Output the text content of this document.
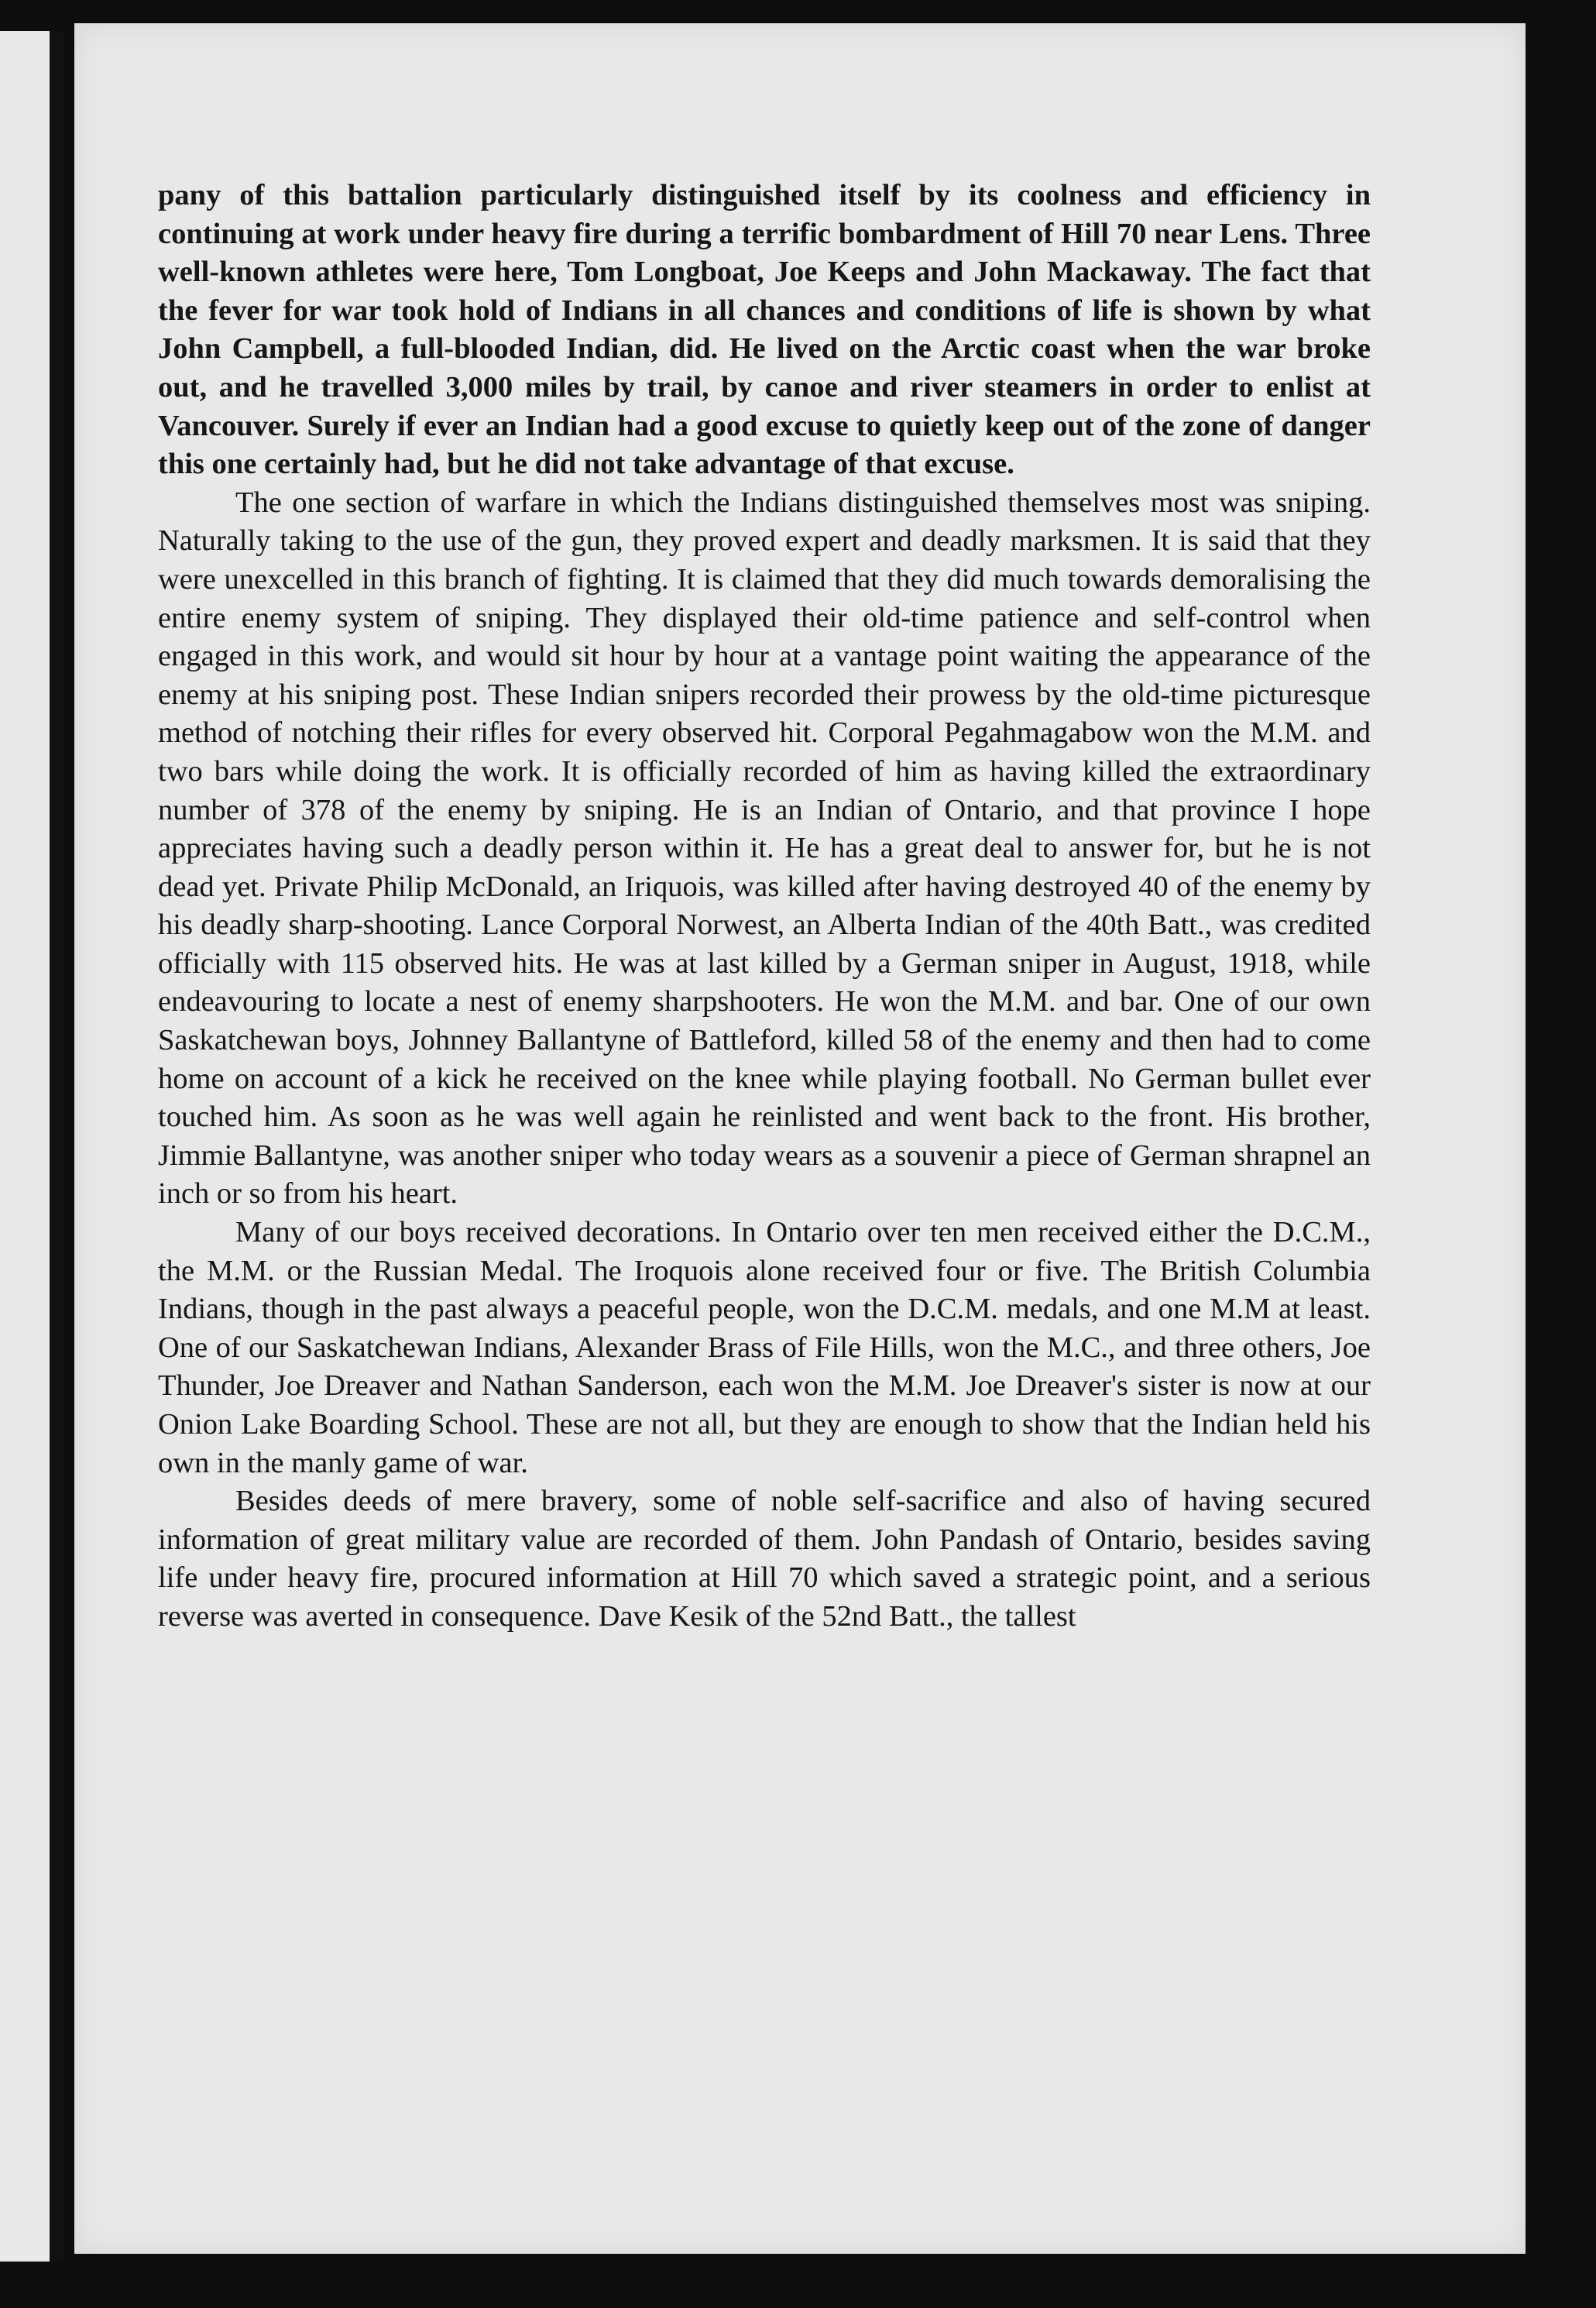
pany of this battalion particularly distinguished itself by its coolness and efficiency in continuing at work under heavy fire during a terrific bombardment of Hill 70 near Lens. Three well-known athletes were here, Tom Longboat, Joe Keeps and John Mackaway. The fact that the fever for war took hold of Indians in all chances and conditions of life is shown by what John Campbell, a full-blooded Indian, did. He lived on the Arctic coast when the war broke out, and he travelled 3,000 miles by trail, by canoe and river steamers in order to enlist at Vancouver. Surely if ever an Indian had a good excuse to quietly keep out of the zone of danger this one certainly had, but he did not take advantage of that excuse.

The one section of warfare in which the Indians distinguished themselves most was sniping. Naturally taking to the use of the gun, they proved expert and deadly marksmen. It is said that they were unexcelled in this branch of fighting. It is claimed that they did much towards demoralising the entire enemy system of sniping. They displayed their old-time patience and self-control when engaged in this work, and would sit hour by hour at a vantage point waiting the appearance of the enemy at his sniping post. These Indian snipers recorded their prowess by the old-time picturesque method of notching their rifles for every observed hit. Corporal Pegahmagabow won the M.M. and two bars while doing the work. It is officially recorded of him as having killed the extraordinary number of 378 of the enemy by sniping. He is an Indian of Ontario, and that province I hope appreciates having such a deadly person within it. He has a great deal to answer for, but he is not dead yet. Private Philip McDonald, an Iriquois, was killed after having destroyed 40 of the enemy by his deadly sharp-shooting. Lance Corporal Norwest, an Alberta Indian of the 40th Batt., was credited officially with 115 observed hits. He was at last killed by a German sniper in August, 1918, while endeavouring to locate a nest of enemy sharpshooters. He won the M.M. and bar. One of our own Saskatchewan boys, Johnney Ballantyne of Battleford, killed 58 of the enemy and then had to come home on account of a kick he received on the knee while playing football. No German bullet ever touched him. As soon as he was well again he reinlisted and went back to the front. His brother, Jimmie Ballantyne, was another sniper who today wears as a souvenir a piece of German shrapnel an inch or so from his heart.

Many of our boys received decorations. In Ontario over ten men received either the D.C.M., the M.M. or the Russian Medal. The Iroquois alone received four or five. The British Columbia Indians, though in the past always a peaceful people, won the D.C.M. medals, and one M.M at least. One of our Saskatchewan Indians, Alexander Brass of File Hills, won the M.C., and three others, Joe Thunder, Joe Dreaver and Nathan Sanderson, each won the M.M. Joe Dreaver's sister is now at our Onion Lake Boarding School. These are not all, but they are enough to show that the Indian held his own in the manly game of war.

Besides deeds of mere bravery, some of noble self-sacrifice and also of having secured information of great military value are recorded of them. John Pandash of Ontario, besides saving life under heavy fire, procured information at Hill 70 which saved a strategic point, and a serious reverse was averted in consequence. Dave Kesik of the 52nd Batt., the tallest
